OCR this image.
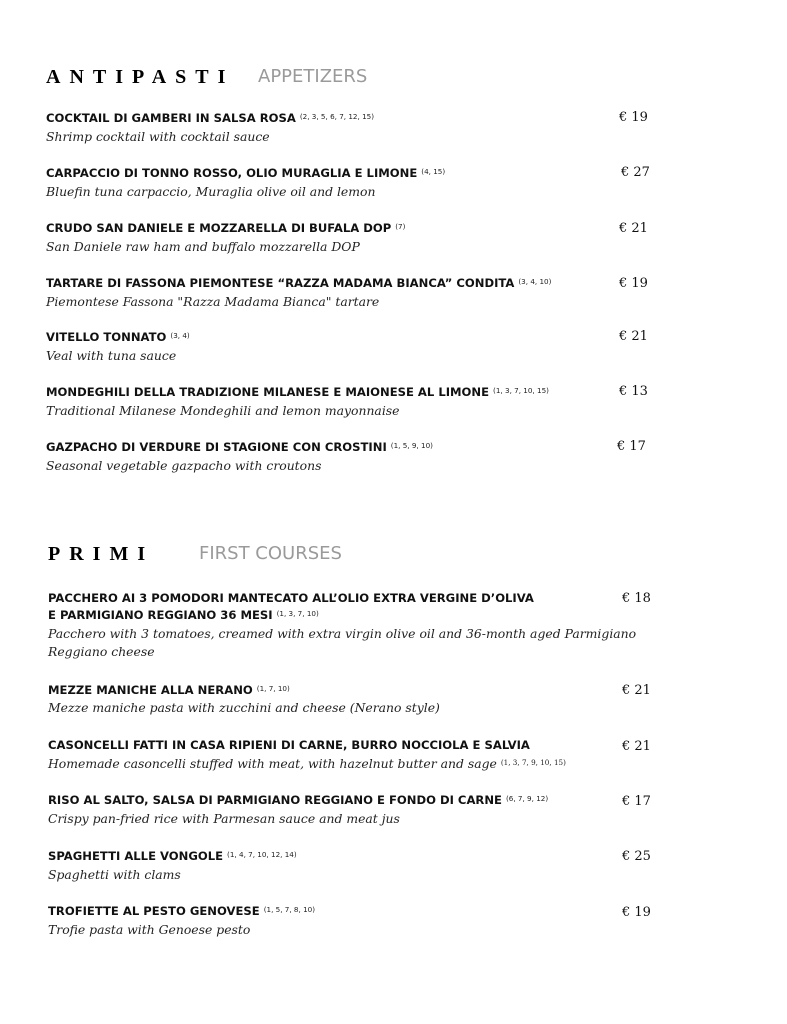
ANTIPASTI APPETIZERS
COCKTAIL DI GAMBERI IN SALSA ROSA $^{(2, 3, 5, 6, 7, 12, 15)}$
Shrimp cocktail with cocktail sauce
€ 19
CARPACCIO DI TONNO ROSSO, OLIO MURAGLIA E LIMONE $^{(4, 15)}$
Bluefin tuna carpaccio, Muraglia olive oil and lemon
€ 27
CRUDO SAN DANIELE E MOZZARELLA DI BUFALA DOP $^{(7)}$
San Daniele raw ham and buffalo mozzarella DOP
€ 21
TARTARE DI FASSONA PIEMONTESE “RAZZA MADAMA BIANCA” CONDITA $^{(3, 4, 10)}$
Piemontese Fassona "Razza Madama Bianca" tartare
€ 19
VITELLO TONNATO $^{(3, 4)}$
Veal with tuna sauce
€ 21
MONDEGHILI DELLA TRADIZIONE MILANESE E MAIONESE AL LIMONE $^{(1, 3, 7, 10, 15)}$
Traditional Milanese Mondeghili and lemon mayonnaise
€ 13
GAZPACHO DI VERDURE DI STAGIONE CON CROSTINI $^{(1, 5, 9, 10)}$
Seasonal vegetable gazpacho with croutons
€ 17
PRIMI FIRST COURSES
PACCHERO AI 3 POMODORI MANTECATO ALL’OLIO EXTRA VERGINE D’OLIVA
E PARMIGIANO REGGIANO 36 MESI $^{(1, 3, 7, 10)}$
Pacchero with 3 tomatoes, creamed with extra virgin olive oil and 36-month aged Parmigiano
Reggiano cheese
€ 18
MEZZE MANICHE ALLA NERANO $^{(1, 7, 10)}$
Mezze maniche pasta with zucchini and cheese (Nerano style)
€ 21
CASONCELLI FATTI IN CASA RIPIENI DI CARNE, BURRO NOCCIOLA E SALVIA
Homemade casoncelli stuffed with meat, with hazelnut butter and sage $^{(1, 3, 7, 9, 10, 15)}$
€ 21
RISO AL SALTO, SALSA DI PARMIGIANO REGGIANO E FONDO DI CARNE $^{(6, 7, 9, 12)}$
Crispy pan-fried rice with Parmesan sauce and meat jus
€ 17
SPAGHETTI ALLE VONGOLE $^{(1, 4, 7, 10, 12, 14)}$
Spaghetti with clams
€ 25
TROFIETTE AL PESTO GENOVESE $^{(1, 5, 7, 8, 10)}$
Trofie pasta with Genoese pesto
€ 19
